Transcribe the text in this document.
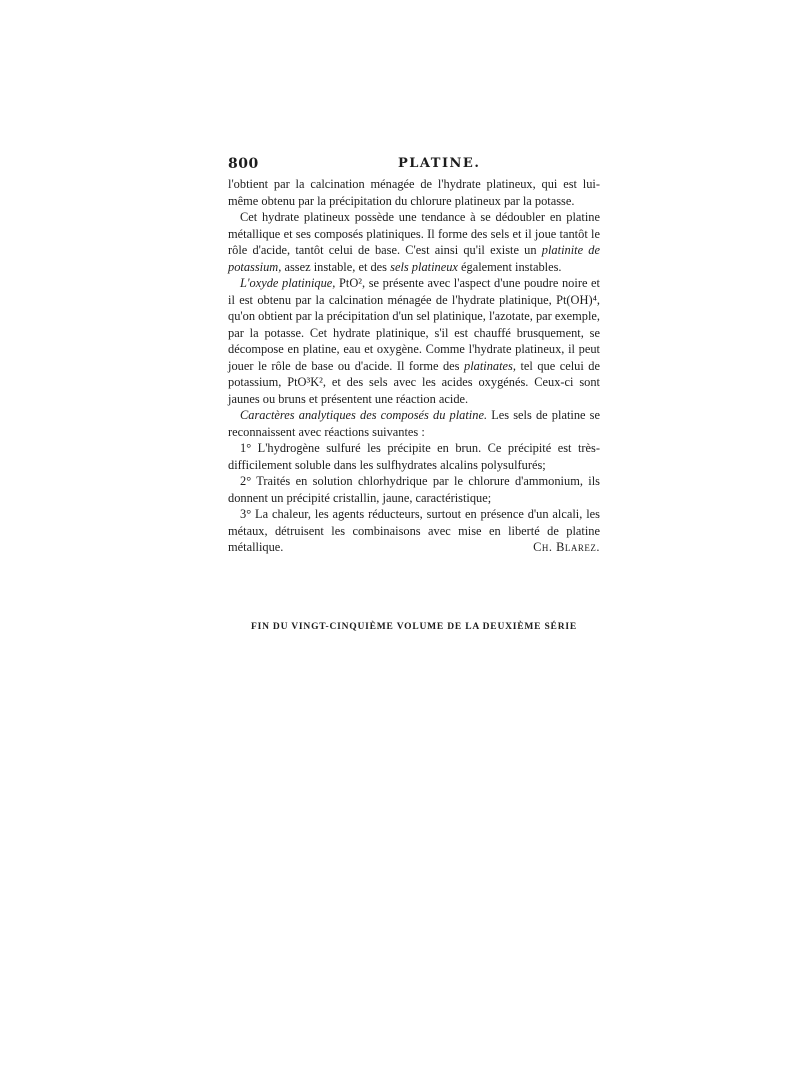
800	PLATINE.

l'obtient par la calcination ménagée de l'hydrate platineux, qui est lui-même obtenu par la précipitation du chlorure platineux par la potasse.

Cet hydrate platineux possède une tendance à se dédoubler en platine métallique et ses composés platiniques. Il forme des sels et il joue tantôt le rôle d'acide, tantôt celui de base. C'est ainsi qu'il existe un platinite de potassium, assez instable, et des sels platineux également instables.

L'oxyde platinique, PtO², se présente avec l'aspect d'une poudre noire et il est obtenu par la calcination ménagée de l'hydrate platinique, Pt(OH)⁴, qu'on obtient par la précipitation d'un sel platinique, l'azotate, par exemple, par la potasse. Cet hydrate platinique, s'il est chauffé brusquement, se décompose en platine, eau et oxygène. Comme l'hydrate platineux, il peut jouer le rôle de base ou d'acide. Il forme des platinates, tel que celui de potassium, PtO³K², et des sels avec les acides oxygénés. Ceux-ci sont jaunes ou bruns et présentent une réaction acide.

Caractères analytiques des composés du platine. Les sels de platine se reconnaissent avec réactions suivantes :

1° L'hydrogène sulfuré les précipite en brun. Ce précipité est très-difficilement soluble dans les sulfhydrates alcalins polysulfurés;

2° Traités en solution chlorhydrique par le chlorure d'ammonium, ils donnent un précipité cristallin, jaune, caractéristique;

3° La chaleur, les agents réducteurs, surtout en présence d'un alcali, les métaux, détruisent les combinaisons avec mise en liberté de platine métallique.	Ch. Blarez.

FIN DU VINGT-CINQUIÈME VOLUME DE LA DEUXIÈME SÉRIE
